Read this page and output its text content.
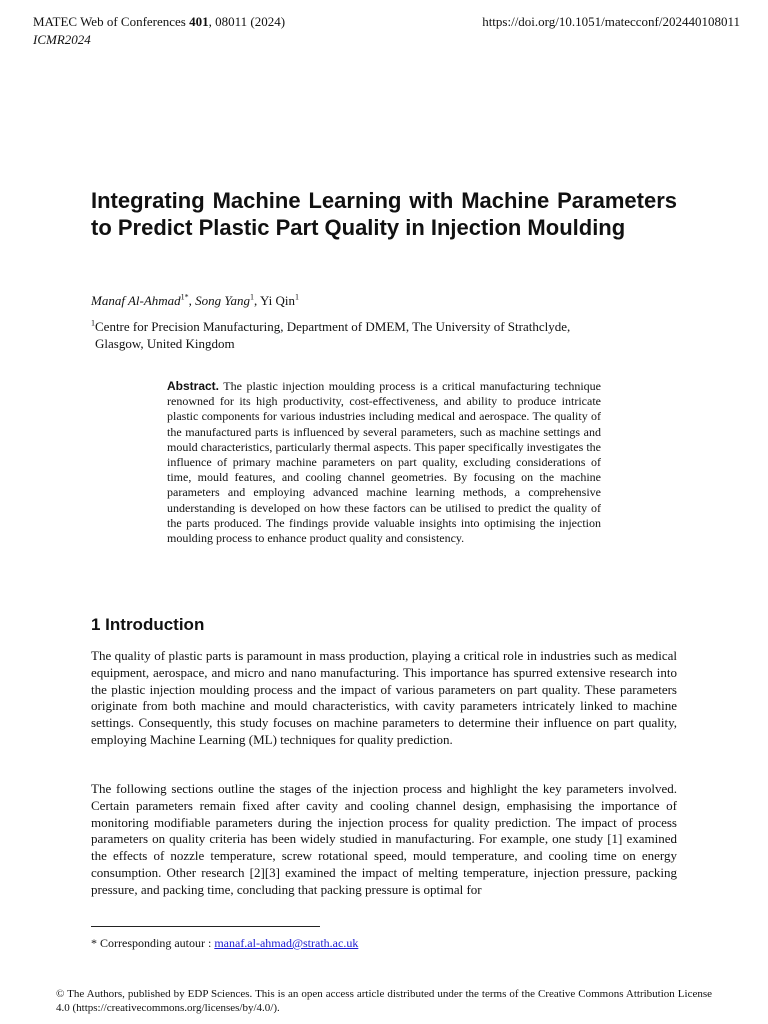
MATEC Web of Conferences 401, 08011 (2024)
ICMR2024
https://doi.org/10.1051/matecconf/202440108011
Integrating Machine Learning with Machine Parameters to Predict Plastic Part Quality in Injection Moulding
Manaf Al-Ahmad$^{1*}$, Song Yang$^1$, Yi Qin$^1$
$^1$Centre for Precision Manufacturing, Department of DMEM, The University of Strathclyde,
Glasgow, United Kingdom
Abstract. The plastic injection moulding process is a critical manufacturing technique renowned for its high productivity, cost-effectiveness, and ability to produce intricate plastic components for various industries including medical and aerospace. The quality of the manufactured parts is influenced by several parameters, such as machine settings and mould characteristics, particularly thermal aspects. This paper specifically investigates the influence of primary machine parameters on part quality, excluding considerations of time, mould features, and cooling channel geometries. By focusing on the machine parameters and employing advanced machine learning methods, a comprehensive understanding is developed on how these factors can be utilised to predict the quality of the parts produced. The findings provide valuable insights into optimising the injection moulding process to enhance product quality and consistency.
1 Introduction
The quality of plastic parts is paramount in mass production, playing a critical role in industries such as medical equipment, aerospace, and micro and nano manufacturing. This importance has spurred extensive research into the plastic injection moulding process and the impact of various parameters on part quality. These parameters originate from both machine and mould characteristics, with cavity parameters intricately linked to machine settings. Consequently, this study focuses on machine parameters to determine their influence on part quality, employing Machine Learning (ML) techniques for quality prediction.
The following sections outline the stages of the injection process and highlight the key parameters involved. Certain parameters remain fixed after cavity and cooling channel design, emphasising the importance of monitoring modifiable parameters during the injection process for quality prediction. The impact of process parameters on quality criteria has been widely studied in manufacturing. For example, one study [1] examined the effects of nozzle temperature, screw rotational speed, mould temperature, and cooling time on energy consumption. Other research [2][3] examined the impact of melting temperature, injection pressure, packing pressure, and packing time, concluding that packing pressure is optimal for
* Corresponding autour : manaf.al-ahmad@strath.ac.uk
© The Authors, published by EDP Sciences. This is an open access article distributed under the terms of the Creative Commons Attribution License 4.0 (https://creativecommons.org/licenses/by/4.0/).
